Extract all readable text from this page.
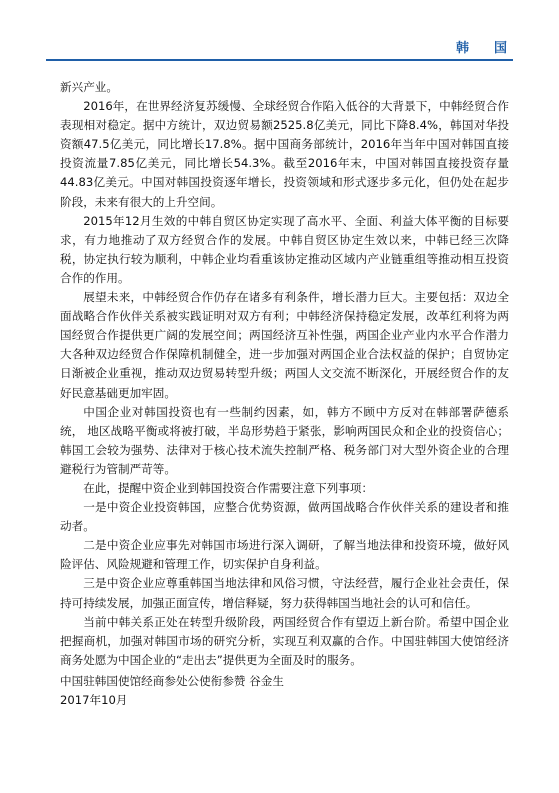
韩　国

新兴产业。

2016年，在世界经济复苏缓慢、全球经贸合作陷入低谷的大背景下，中韩经贸合作表现相对稳定。据中方统计，双边贸易额2525.8亿美元，同比下降8.4%，韩国对华投资额47.5亿美元，同比增长17.8%。据中国商务部统计，2016年当年中国对韩国直接投资流量7.85亿美元，同比增长54.3%。截至2016年末，中国对韩国直接投资存量44.83亿美元。中国对韩国投资逐年增长，投资领域和形式逐步多元化，但仍处在起步阶段，未来有很大的上升空间。

2015年12月生效的中韩自贸区协定实现了高水平、全面、利益大体平衡的目标要求，有力地推动了双方经贸合作的发展。中韩自贸区协定生效以来，中韩已经三次降税，协定执行较为顺利，中韩企业均看重该协定推动区域内产业链重组等推动相互投资合作的作用。

展望未来，中韩经贸合作仍存在诸多有利条件，增长潜力巨大。主要包括：双边全面战略合作伙伴关系被实践证明对双方有利；中韩经济保持稳定发展，改革红利将为两国经贸合作提供更广阔的发展空间；两国经济互补性强，两国企业产业内水平合作潜力大各种双边经贸合作保障机制健全，进一步加强对两国企业合法权益的保护；自贸协定日渐被企业重视，推动双边贸易转型升级；两国人文交流不断深化，开展经贸合作的友好民意基础更加牢固。

中国企业对韩国投资也有一些制约因素，如，韩方不顾中方反对在韩部署萨德系统， 地区战略平衡或将被打破，半岛形势趋于紧张，影响两国民众和企业的投资信心；韩国工会较为强势、法律对于核心技术流失控制严格、税务部门对大型外资企业的合理避税行为管制严苛等。

在此，提醒中资企业到韩国投资合作需要注意下列事项：

一是中资企业投资韩国，应整合优势资源，做两国战略合作伙伴关系的建设者和推动者。

二是中资企业应事先对韩国市场进行深入调研，了解当地法律和投资环境，做好风险评估、风险规避和管理工作，切实保护自身利益。

三是中资企业应尊重韩国当地法律和风俗习惯，守法经营，履行企业社会责任，保持可持续发展，加强正面宣传，增信释疑，努力获得韩国当地社会的认可和信任。

当前中韩关系正处在转型升级阶段，两国经贸合作有望迈上新台阶。希望中国企业把握商机，加强对韩国市场的研究分析，实现互利双赢的合作。中国驻韩国大使馆经济商务处愿为中国企业的“走出去”提供更为全面及时的服务。

中国驻韩国使馆经商参处公使衔参赞 谷金生

2017年10月
